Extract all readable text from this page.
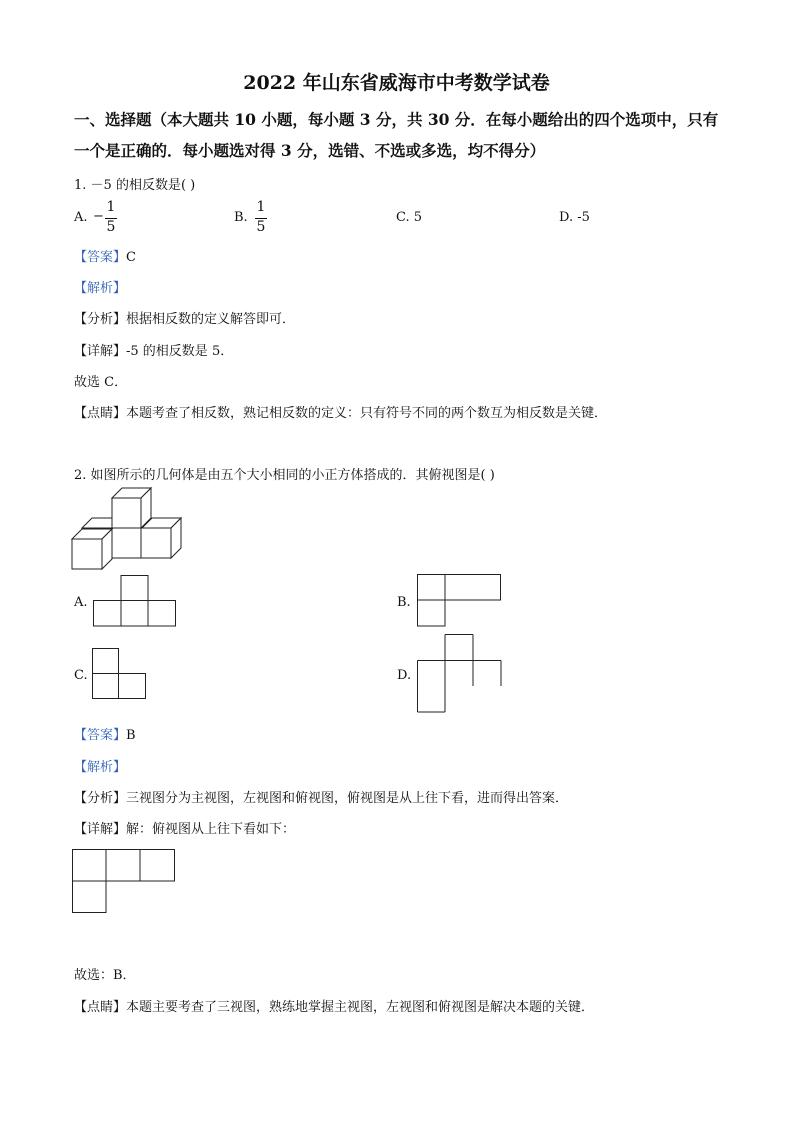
2022 年山东省威海市中考数学试卷
一、选择题（本大题共 10 小题，每小题 3 分，共 30 分．在每小题给出的四个选项中，只有
一个是正确的．每小题选对得 3 分，选错、不选或多选，均不得分）
1. －5 的相反数是( )
A. −
1
5
B.
1
5
C. 5	D. -5
【答案】C
【解析】
【分析】根据相反数的定义解答即可．
【详解】-5 的相反数是 5．
故选 C．
【点睛】本题考查了相反数，熟记相反数的定义：只有符号不同的两个数互为相反数是关键．
2. 如图所示的几何体是由五个大小相同的小正方体搭成的．其俯视图是( )
A.	B.
C.	D.
【答案】B
【解析】
【分析】三视图分为主视图，左视图和俯视图，俯视图是从上往下看，进而得出答案．
【详解】解：俯视图从上往下看如下：
故选：B．
【点睛】本题主要考查了三视图，熟练地掌握主视图，左视图和俯视图是解决本题的关键．
